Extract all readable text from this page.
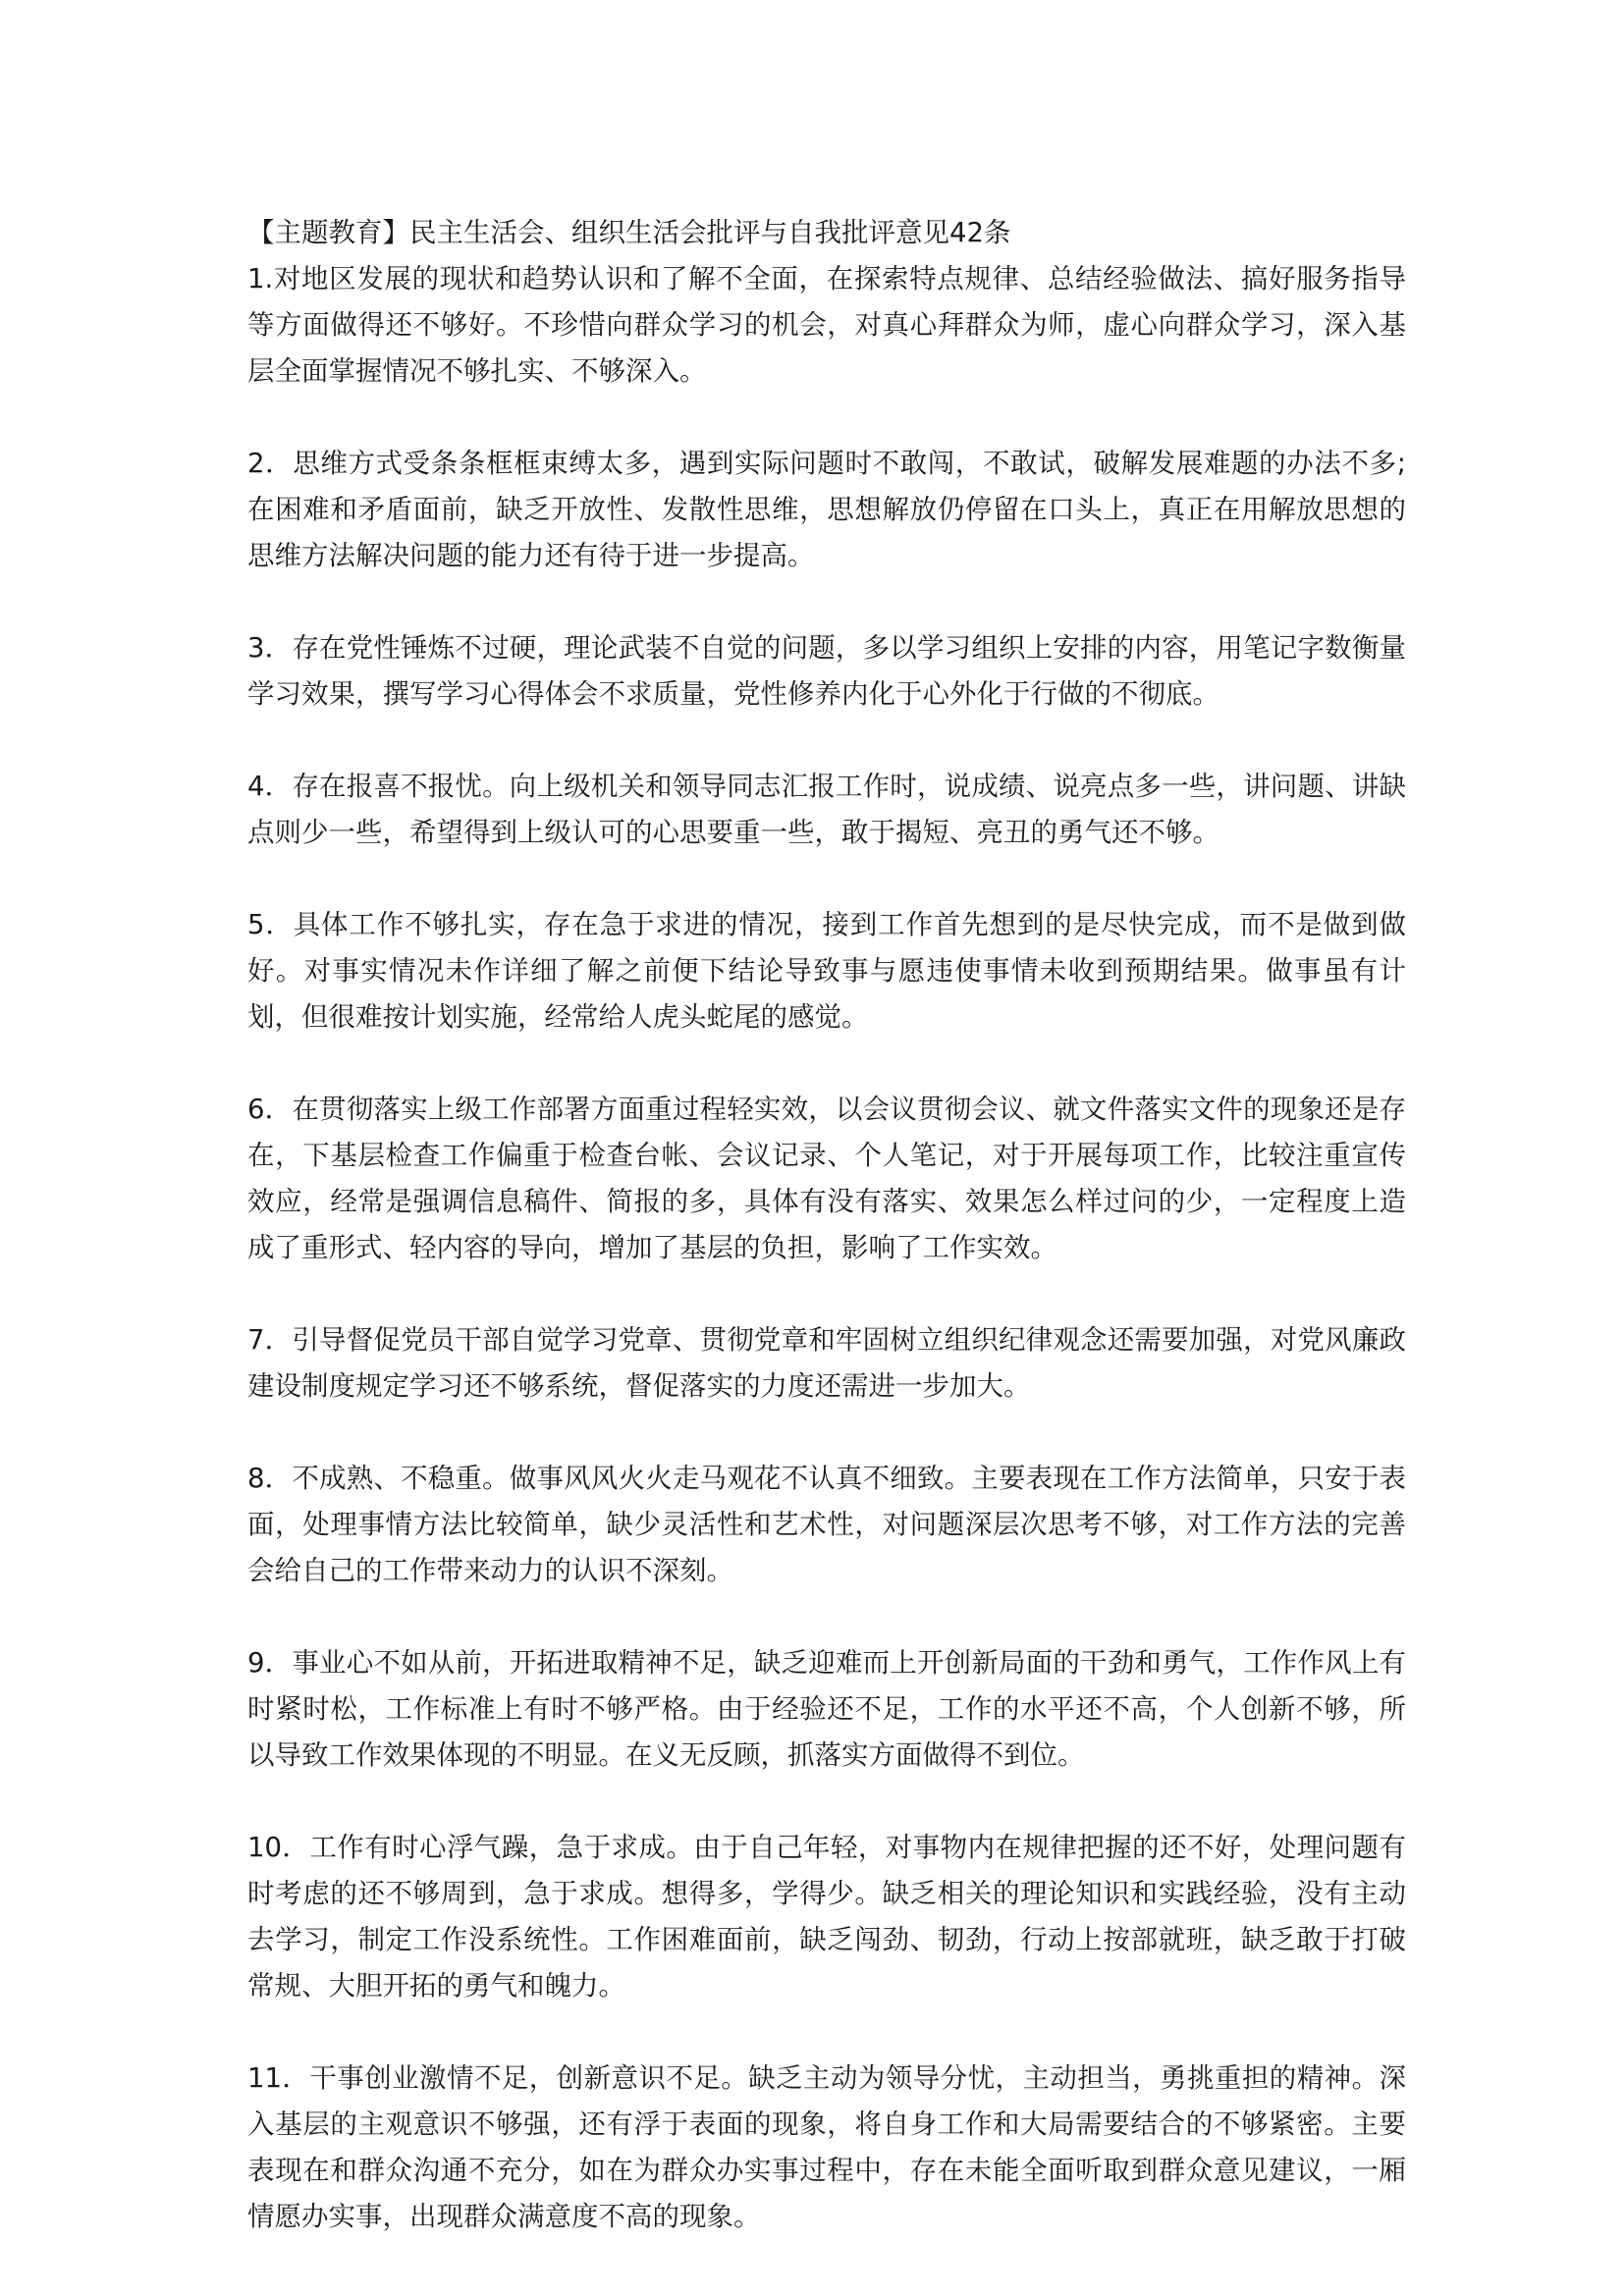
【主题教育】民主生活会、组织生活会批评与自我批评意见42条

1.对地区发展的现状和趋势认识和了解不全面，在探索特点规律、总结经验做法、搞好服务指导等方面做得还不够好。不珍惜向群众学习的机会，对真心拜群众为师，虚心向群众学习，深入基层全面掌握情况不够扎实、不够深入。

2．思维方式受条条框框束缚太多，遇到实际问题时不敢闯，不敢试，破解发展难题的办法不多;在困难和矛盾面前，缺乏开放性、发散性思维，思想解放仍停留在口头上，真正在用解放思想的思维方法解决问题的能力还有待于进一步提高。

3．存在党性锤炼不过硬，理论武装不自觉的问题，多以学习组织上安排的内容，用笔记字数衡量学习效果，撰写学习心得体会不求质量，党性修养内化于心外化于行做的不彻底。

4．存在报喜不报忧。向上级机关和领导同志汇报工作时，说成绩、说亮点多一些，讲问题、讲缺点则少一些，希望得到上级认可的心思要重一些，敢于揭短、亮丑的勇气还不够。

5．具体工作不够扎实，存在急于求进的情况，接到工作首先想到的是尽快完成，而不是做到做好。对事实情况未作详细了解之前便下结论导致事与愿违使事情未收到预期结果。做事虽有计划，但很难按计划实施，经常给人虎头蛇尾的感觉。

6．在贯彻落实上级工作部署方面重过程轻实效，以会议贯彻会议、就文件落实文件的现象还是存在，下基层检查工作偏重于检查台帐、会议记录、个人笔记，对于开展每项工作，比较注重宣传效应，经常是强调信息稿件、简报的多，具体有没有落实、效果怎么样过问的少，一定程度上造成了重形式、轻内容的导向，增加了基层的负担，影响了工作实效。

7．引导督促党员干部自觉学习党章、贯彻党章和牢固树立组织纪律观念还需要加强，对党风廉政建设制度规定学习还不够系统，督促落实的力度还需进一步加大。

8．不成熟、不稳重。做事风风火火走马观花不认真不细致。主要表现在工作方法简单，只安于表面，处理事情方法比较简单，缺少灵活性和艺术性，对问题深层次思考不够，对工作方法的完善会给自己的工作带来动力的认识不深刻。

9．事业心不如从前，开拓进取精神不足，缺乏迎难而上开创新局面的干劲和勇气，工作作风上有时紧时松，工作标准上有时不够严格。由于经验还不足，工作的水平还不高，个人创新不够，所以导致工作效果体现的不明显。在义无反顾，抓落实方面做得不到位。

10．工作有时心浮气躁，急于求成。由于自己年轻，对事物内在规律把握的还不好，处理问题有时考虑的还不够周到，急于求成。想得多，学得少。缺乏相关的理论知识和实践经验，没有主动去学习，制定工作没系统性。工作困难面前，缺乏闯劲、韧劲，行动上按部就班，缺乏敢于打破常规、大胆开拓的勇气和魄力。

11．干事创业激情不足，创新意识不足。缺乏主动为领导分忧，主动担当，勇挑重担的精神。深入基层的主观意识不够强，还有浮于表面的现象，将自身工作和大局需要结合的不够紧密。主要表现在和群众沟通不充分，如在为群众办实事过程中，存在未能全面听取到群众意见建议，一厢情愿办实事，出现群众满意度不高的现象。
